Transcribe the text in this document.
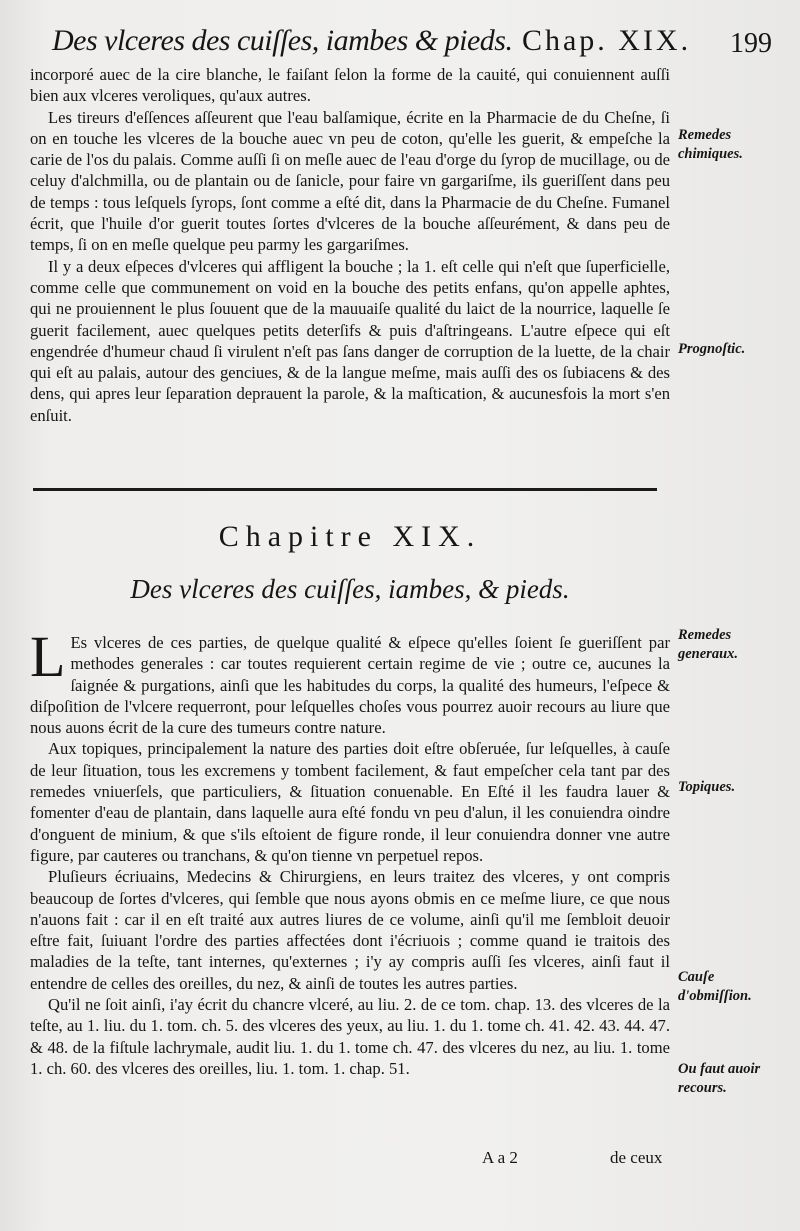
Des vlceres des cuiſſes, iambes & pieds. Chap. XIX. 199

incorporé auec de la cire blanche, le faiſant ſelon la forme de la cauité, qui conuiennent auſſi bien aux vlceres veroliques, qu'aux autres.

Les tireurs d'eſſences aſſeurent que l'eau balſamique, écrite en la Pharmacie de du Cheſne, ſi on en touche les vlceres de la bouche auec vn peu de coton, qu'elle les guerit, & empeſche la carie de l'os du palais. Comme auſſi ſi on meſle auec de l'eau d'orge du ſyrop de mucillage, ou de celuy d'alchmilla, ou de plantain ou de ſanicle, pour faire vn gargariſme, ils gueriſſent dans peu de temps : tous leſquels ſyrops, ſont comme a eſté dit, dans la Pharmacie de du Cheſne. Fumanel écrit, que l'huile d'or guerit toutes ſortes d'vlceres de la bouche aſſeurément, & dans peu de temps, ſi on en meſle quelque peu parmy les gargariſmes.

Il y a deux eſpeces d'vlceres qui affligent la bouche ; la 1. eſt celle qui n'eſt que ſuperficielle, comme celle que communement on void en la bouche des petits enfans, qu'on appelle aphtes, qui ne prouiennent le plus ſouuent que de la mauuaiſe qualité du laict de la nourrice, laquelle ſe guerit facilement, auec quelques petits deterſifs & puis d'aſtringeans. L'autre eſpece qui eſt engendrée d'humeur chaud ſi virulent n'eſt pas ſans danger de corruption de la luette, de la chair qui eſt au palais, autour des genciues, & de la langue meſme, mais auſſi des os ſubiacens & des dens, qui apres leur ſeparation deprauent la parole, & la maſtication, & aucunesfois la mort s'en enſuit.

Chapitre XIX.
Des vlceres des cuiſſes, iambes, & pieds.

L Es vlceres de ces parties, de quelque qualité & eſpece qu'elles ſoient ſe gueriſſent par methodes generales : car toutes requierent certain regime de vie ; outre ce, aucunes la ſaignée & purgations, ainſi que les habitudes du corps, la qualité des humeurs, l'eſpece & diſpoſition de l'vlcere requerront, pour leſquelles choſes vous pourrez auoir recours au liure que nous auons écrit de la cure des tumeurs contre nature.

Aux topiques, principalement la nature des parties doit eſtre obſeruée, ſur leſquelles, à cauſe de leur ſituation, tous les excremens y tombent facilement, & faut empeſcher cela tant par des remedes vniuerſels, que particuliers, & ſituation conuenable. En Eſté il les faudra lauer & fomenter d'eau de plantain, dans laquelle aura eſté fondu vn peu d'alun, il les conuiendra oindre d'onguent de minium, & que s'ils eſtoient de figure ronde, il leur conuiendra donner vne autre figure, par cauteres ou tranchans, & qu'on tienne vn perpetuel repos.

Pluſieurs écriuains, Medecins & Chirurgiens, en leurs traitez des vlceres, y ont compris beaucoup de ſortes d'vlceres, qui ſemble que nous ayons obmis en ce meſme liure, ce que nous n'auons fait : car il en eſt traité aux autres liures de ce volume, ainſi qu'il me ſembloit deuoir eſtre fait, ſuiuant l'ordre des parties affectées dont i'écriuois ; comme quand ie traitois des maladies de la teſte, tant internes, qu'externes ; i'y ay compris auſſi ſes vlceres, ainſi faut il entendre de celles des oreilles, du nez, & ainſi de toutes les autres parties.

Qu'il ne ſoit ainſi, i'ay écrit du chancre vlceré, au liu. 2. de ce tom. chap. 13. des vlceres de la teſte, au 1. liu. du 1. tom. ch. 5. des vlceres des yeux, au liu. 1. du 1. tome ch. 41. 42. 43. 44. 47. & 48. de la fiſtule lachrymale, audit liu. 1. du 1. tome ch. 47. des vlceres du nez, au liu. 1. tome 1. ch. 60. des vlceres des oreilles, liu. 1. tom. 1. chap. 51.

A a 2	de ceux
Remedes chimiques.
Prognoſtic.
Remedes generaux.
Topiques.
Cauſe d'obmiſſion.
Ou faut auoir recours.
